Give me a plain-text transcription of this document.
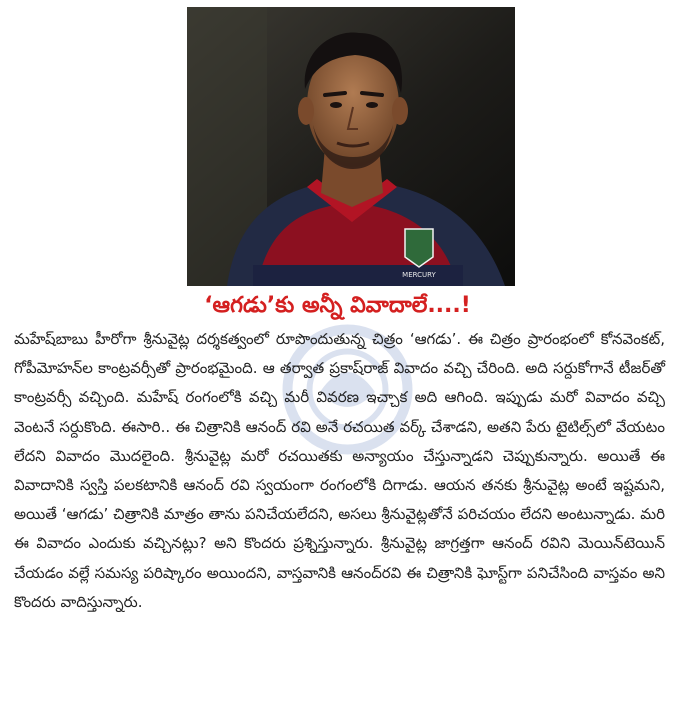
MERCURY
‘ఆగడు’కు అన్నీ వివాదాలే....!

మహేష్‌బాబు హీరోగా శ్రీనువైట్ల దర్శకత్వంలో రూపొందుతున్న చిత్రం ‘ఆగడు’. ఈ చిత్రం ప్రారంభంలో కోనవెంకట్, గోపీమోహన్‌ల కాంట్రవర్సీతో ప్రారంభమైంది. ఆ తర్వాత ప్రకాష్‌రాజ్ వివాదం వచ్చి చేరింది. అది సర్దుకోగానే టీజర్‌తో కాంట్రవర్సీ వచ్చింది. మహేష్ రంగంలోకి వచ్చి మరీ వివరణ ఇచ్చాక అది ఆగింది. ఇప్పుడు మరో వివాదం వచ్చి వెంటనే సర్దుకొంది. ఈసారి.. ఈ చిత్రానికి ఆనంద్ రవి అనే రచయిత వర్క్ చేశాడని, అతని పేరు టైటిల్స్‌లో వేయటం లేదని వివాదం మొదలైంది. శ్రీనువైట్ల మరో రచయితకు అన్యాయం చేస్తున్నాడని చెప్పుకున్నారు. అయితే ఈ వివాదానికి స్వస్తి పలకటానికి ఆనంద్ రవి స్వయంగా రంగంలోకి దిగాడు. ఆయన తనకు శ్రీనువైట్ల అంటే ఇష్టమని, అయితే ‘ఆగడు’ చిత్రానికి మాత్రం తాను పనిచేయలేదని, అసలు శ్రీనువైట్లతోనే పరిచయం లేదని అంటున్నాడు. మరి ఈ వివాదం ఎందుకు వచ్చినట్లు? అని కొందరు ప్రశ్నిస్తున్నారు. శ్రీనువైట్ల జాగ్రత్తగా ఆనంద్ రవిని మెయిన్‌టెయిన్ చేయడం వల్లే సమస్య పరిష్కారం అయిందని, వాస్తవానికి ఆనంద్‌రవి ఈ చిత్రానికి ఘోస్ట్‌గా పనిచేసింది వాస్తవం అని కొందరు వాదిస్తున్నారు.
